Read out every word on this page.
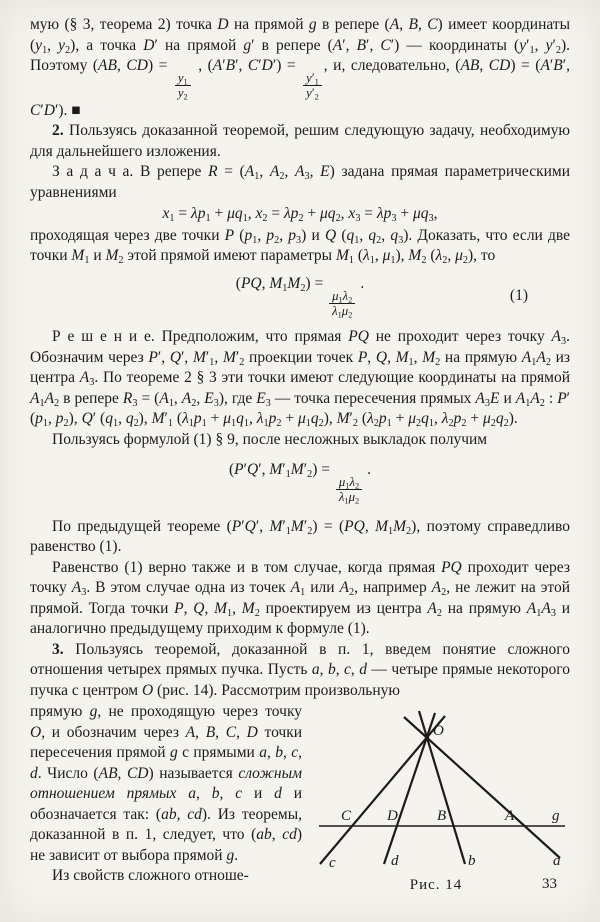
мую (§ 3, теорема 2) точка D на прямой g в репере (A, B, C) имеет координаты ($y_1$, $y_2$), а точка D′ на прямой g′ в репере (A′, B′, C′) — координаты ($y'_1$, $y'_2$). Поэтому (AB, CD) =
$\frac{y_1}{y_2}$
, (A′B′, C′D′) =
$\frac{y'_1}{y'_2}$
, и, следовательно, (AB, CD) = (A′B′, C′D′). ■

2. Пользуясь доказанной теоремой, решим следующую задачу, необходимую для дальнейшего изложения.

З а д а ч а. В репере $R = (A_1$, $A_2$, $A_3$, E) задана прямая параметрическими уравнениями

$x_1 = \lambda p_1 + \mu q_1$, $x_2 = \lambda p_2 + \mu q_2$, $x_3 = \lambda p_3 + \mu q_3$,

проходящая через две точки P ($p_1$, $p_2$, $p_3$) и Q ($q_1$, $q_2$, $q_3$). Доказать, что если две точки $M_1$ и $M_2$ этой прямой имеют параметры $M_1$ ($\lambda_1$, $\mu_1$), $M_2$ ($\lambda_2$, $\mu_2$), то

(PQ, $M_1M_2$) =
$\frac{\mu_1\lambda_2}{\lambda_1\mu_2}$
.
(1)

Р е ш е н и е. Предположим, что прямая PQ не проходит через точку $A_3$. Обозначим через P′, Q′, $M'_1$, $M'_2$ проекции точек P, Q, $M_1$, $M_2$ на прямую $A_1A_2$ из центра $A_3$. По теореме 2 § 3 эти точки имеют следующие координаты на прямой $A_1A_2$ в репере $R_3 = (A_1$, $A_2$, $E_3$), где $E_3$ — точка пересечения прямых $A_3E$ и $A_1A_2$ : P′ ($p_1$, $p_2$), Q′ ($q_1$, $q_2$), $M'_1$ ($\lambda_1p_1 + \mu_1q_1$, $\lambda_1p_2 + \mu_1q_2$), $M'_2$ ($\lambda_2p_1 + \mu_2q_1$, $\lambda_2p_2 + \mu_2q_2$).

Пользуясь формулой (1) § 9, после несложных выкладок получим

(P′Q′, $M'_1M'_2$) =
$\frac{\mu_1\lambda_2}{\lambda_1\mu_2}$
.

По предыдущей теореме (P′Q′, $M'_1M'_2) = (PQ$, $M_1M_2$), поэтому справедливо равенство (1).

Равенство (1) верно также и в том случае, когда прямая PQ проходит через точку $A_3$. В этом случае одна из точек $A_1$ или $A_2$, например $A_2$, не лежит на этой прямой. Тогда точки P, Q, $M_1$, $M_2$ проектируем из центра $A_2$ на прямую $A_1A_3$ и аналогично предыдущему приходим к формуле (1).

3. Пользуясь теоремой, доказанной в п. 1, введем понятие сложного отношения четырех прямых пучка. Пусть a, b, c, d — четыре прямые некоторого пучка с центром O (рис. 14). Рассмотрим произвольную

прямую g, не проходящую через точку O, и обозначим через A, B, C, D точки пересечения прямой g с прямыми a, b, c, d. Число (AB, CD) называется сложным отношением прямых a, b, c и d и обозначается так: (ab, cd). Из теоремы, доказанной в п. 1, следует, что (ab, cd) не зависит от выбора прямой g.

Из свойств сложного отноше-

O
C D	B	A	g
c	d	b	a
Рис. 14	33
